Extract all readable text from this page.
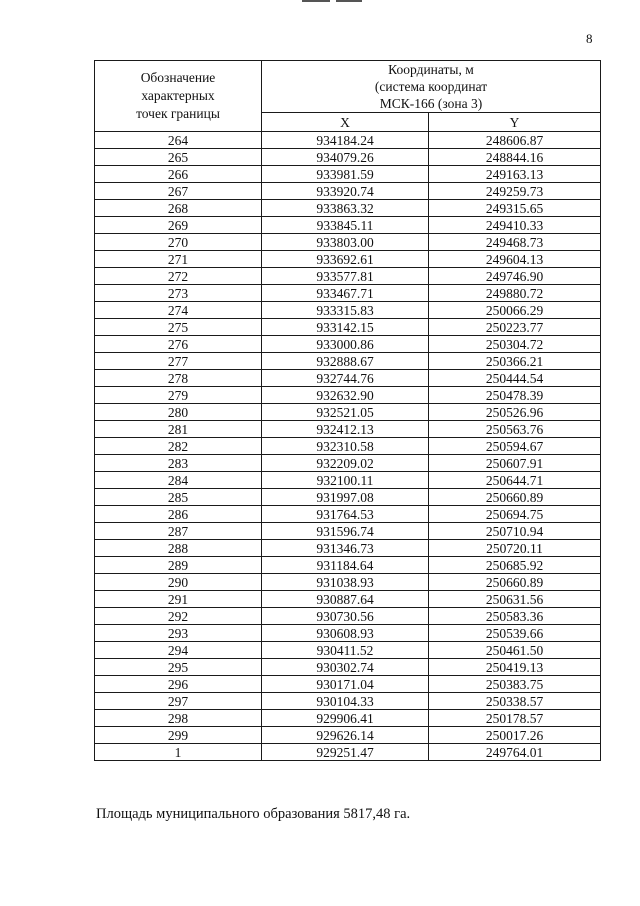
8
Обозначение
характерных
точек границы	Координаты, м
(система координат
МСК-166 (зона 3)	
	X	Y
264	934184.24	248606.87
265	934079.26	248844.16
266	933981.59	249163.13
267	933920.74	249259.73
268	933863.32	249315.65
269	933845.11	249410.33
270	933803.00	249468.73
271	933692.61	249604.13
272	933577.81	249746.90
273	933467.71	249880.72
274	933315.83	250066.29
275	933142.15	250223.77
276	933000.86	250304.72
277	932888.67	250366.21
278	932744.76	250444.54
279	932632.90	250478.39
280	932521.05	250526.96
281	932412.13	250563.76
282	932310.58	250594.67
283	932209.02	250607.91
284	932100.11	250644.71
285	931997.08	250660.89
286	931764.53	250694.75
287	931596.74	250710.94
288	931346.73	250720.11
289	931184.64	250685.92
290	931038.93	250660.89
291	930887.64	250631.56
292	930730.56	250583.36
293	930608.93	250539.66
294	930411.52	250461.50
295	930302.74	250419.13
296	930171.04	250383.75
297	930104.33	250338.57
298	929906.41	250178.57
299	929626.14	250017.26
1	929251.47	249764.01
Площадь муниципального образования 5817,48 га.
